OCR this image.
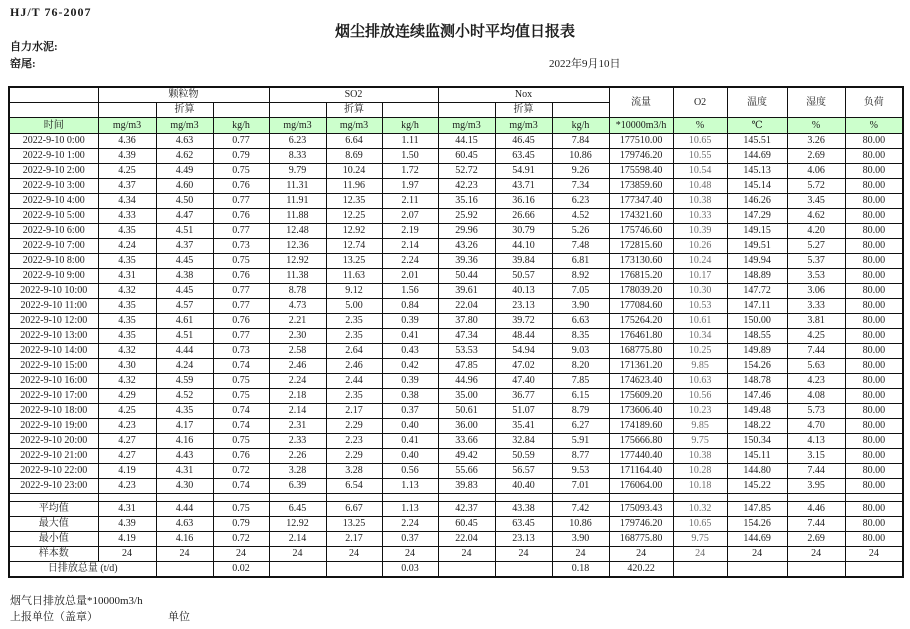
HJ/T 76-2007
烟尘排放连续监测小时平均值日报表
自力水泥:
窑尾:	2022年9月10日
	颗粒物			SO2			Nox			流量	O2	温度	湿度	负荷
		折算			折算			折算						
时间	mg/m3	mg/m3	kg/h	mg/m3	mg/m3	kg/h	mg/m3	mg/m3	kg/h	*10000m3/h	%	℃	%	%
2022-9-10 0:00	4.36	4.63	0.77	6.23	6.64	1.11	44.15	46.45	7.84	177510.00	10.65	145.51	3.26	80.00
2022-9-10 1:00	4.39	4.62	0.79	8.33	8.69	1.50	60.45	63.45	10.86	179746.20	10.55	144.69	2.69	80.00
2022-9-10 2:00	4.25	4.49	0.75	9.79	10.24	1.72	52.72	54.91	9.26	175598.40	10.54	145.13	4.06	80.00
2022-9-10 3:00	4.37	4.60	0.76	11.31	11.96	1.97	42.23	43.71	7.34	173859.60	10.48	145.14	5.72	80.00
2022-9-10 4:00	4.34	4.50	0.77	11.91	12.35	2.11	35.16	36.16	6.23	177347.40	10.38	146.26	3.45	80.00
2022-9-10 5:00	4.33	4.47	0.76	11.88	12.25	2.07	25.92	26.66	4.52	174321.60	10.33	147.29	4.62	80.00
2022-9-10 6:00	4.35	4.51	0.77	12.48	12.92	2.19	29.96	30.79	5.26	175746.60	10.39	149.15	4.20	80.00
2022-9-10 7:00	4.24	4.37	0.73	12.36	12.74	2.14	43.26	44.10	7.48	172815.60	10.26	149.51	5.27	80.00
2022-9-10 8:00	4.35	4.45	0.75	12.92	13.25	2.24	39.36	39.84	6.81	173130.60	10.24	149.94	5.37	80.00
2022-9-10 9:00	4.31	4.38	0.76	11.38	11.63	2.01	50.44	50.57	8.92	176815.20	10.17	148.89	3.53	80.00
2022-9-10 10:00	4.32	4.45	0.77	8.78	9.12	1.56	39.61	40.13	7.05	178039.20	10.30	147.72	3.06	80.00
2022-9-10 11:00	4.35	4.57	0.77	4.73	5.00	0.84	22.04	23.13	3.90	177084.60	10.53	147.11	3.33	80.00
2022-9-10 12:00	4.35	4.61	0.76	2.21	2.35	0.39	37.80	39.72	6.63	175264.20	10.61	150.00	3.81	80.00
2022-9-10 13:00	4.35	4.51	0.77	2.30	2.35	0.41	47.34	48.44	8.35	176461.80	10.34	148.55	4.25	80.00
2022-9-10 14:00	4.32	4.44	0.73	2.58	2.64	0.43	53.53	54.94	9.03	168775.80	10.25	149.89	7.44	80.00
2022-9-10 15:00	4.30	4.24	0.74	2.46	2.46	0.42	47.85	47.02	8.20	171361.20	9.85	154.26	5.63	80.00
2022-9-10 16:00	4.32	4.59	0.75	2.24	2.44	0.39	44.96	47.40	7.85	174623.40	10.63	148.78	4.23	80.00
2022-9-10 17:00	4.29	4.52	0.75	2.18	2.35	0.38	35.00	36.77	6.15	175609.20	10.56	147.46	4.08	80.00
2022-9-10 18:00	4.25	4.35	0.74	2.14	2.17	0.37	50.61	51.07	8.79	173606.40	10.23	149.48	5.73	80.00
2022-9-10 19:00	4.23	4.17	0.74	2.31	2.29	0.40	36.00	35.41	6.27	174189.60	9.85	148.22	4.70	80.00
2022-9-10 20:00	4.27	4.16	0.75	2.33	2.23	0.41	33.66	32.84	5.91	175666.80	9.75	150.34	4.13	80.00
2022-9-10 21:00	4.27	4.43	0.76	2.26	2.29	0.40	49.42	50.59	8.77	177440.40	10.38	145.11	3.15	80.00
2022-9-10 22:00	4.19	4.31	0.72	3.28	3.28	0.56	55.66	56.57	9.53	171164.40	10.28	144.80	7.44	80.00
2022-9-10 23:00	4.23	4.30	0.74	6.39	6.54	1.13	39.83	40.40	7.01	176064.00	10.18	145.22	3.95	80.00

平均值	4.31	4.44	0.75	6.45	6.67	1.13	42.37	43.38	7.42	175093.43	10.32	147.85	4.46	80.00
最大值	4.39	4.63	0.79	12.92	13.25	2.24	60.45	63.45	10.86	179746.20	10.65	154.26	7.44	80.00
最小值	4.19	4.16	0.72	2.14	2.17	0.37	22.04	23.13	3.90	168775.80	9.75	144.69	2.69	80.00
样本数	24	24	24	24	24	24	24	24	24	24	24	24	24	24
日排放总量 (t/d)			0.02			0.03			0.18	420.22				
烟气日排放总量*10000m3/h
上报单位（盖章）	单位
